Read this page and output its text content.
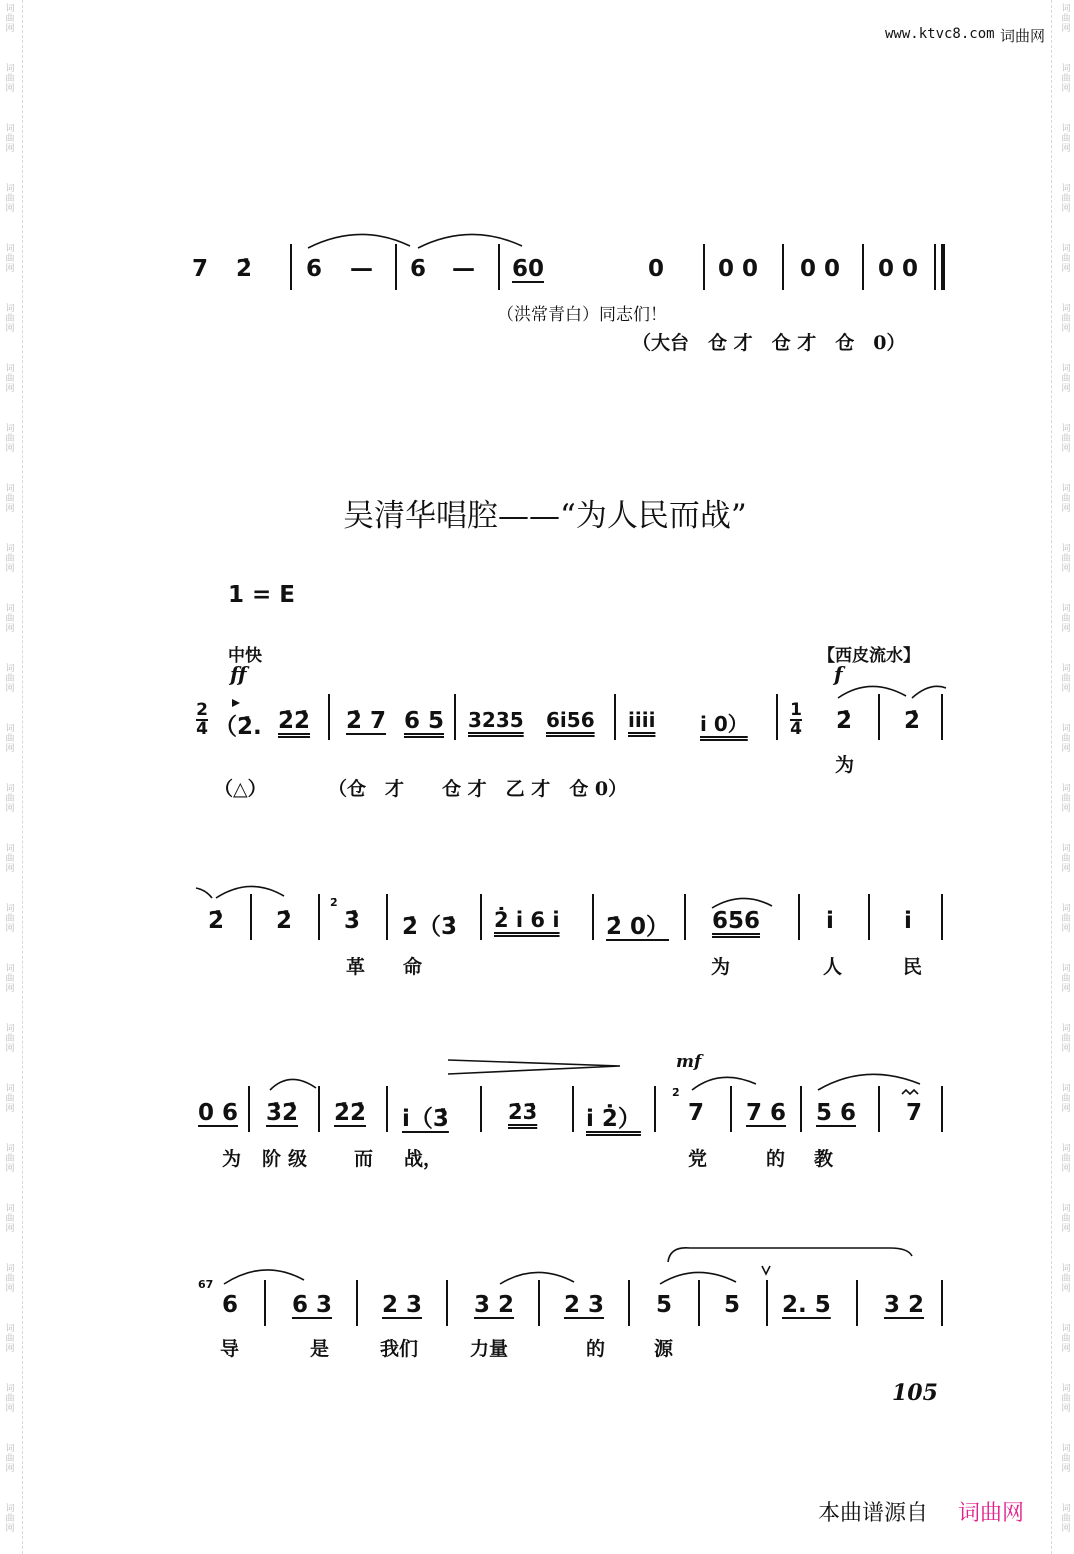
词
曲
网
词
曲
网
词
曲
网
词
曲
网
词
曲
网
词
曲
网
词
曲
网
词
曲
网
词
曲
网
词
曲
网
词
曲
网
词
曲
网
词
曲
网
词
曲
网
词
曲
网
词
曲
网
词
曲
网
词
曲
网
词
曲
网
词
曲
网
词
曲
网
词
曲
网
词
曲
网
词
曲
网
词
曲
网
词
曲
网
词
曲
网
词
曲
网
词
曲
网
词
曲
网
词
曲
网
词
曲
网
词
曲
网
词
曲
网
词
曲
网
词
曲
网
词
曲
网
词
曲
网
词
曲
网
词
曲
网
词
曲
网
词
曲
网
词
曲
网
词
曲
网
词
曲
网
词
曲
网
词
曲
网
词
曲
网
词
曲
网
词
曲
网
词
曲
网
词
曲
网
www.ktvc8.com 词曲网
7 2̇ 6 — 6 — 60	0 0 0 0 0 0 0
（洪常青白）同志们！
（大台　仓 才　仓 才　仓　0）
吴清华唱腔——“为人民而战”
1 = E
中快
ff
【西皮流水】
f
$\frac{2}{4}$ （2̇. 2̇2̇ 2̇ 7 6 5 3235 6i56 iiii i $0) \frac{1}{4}$ 2̇ 2̇
为
（△）	（仓　才　　仓 才　乙 才　仓 0）
2̇ 2̇
2̇
3̇ 2̇（3̇ 2̇ i 6 i 2̇ 0） 656	i	i
革 命	为	人	民
mf
0 6 3̇2̇ 2̇2̇ i（3̇	2̇3̇ i 2̇）
2̇
7 7 6 5 6 7
为 阶 级 而 战，	党	的 教
67
6 6 3 2 3 3 2 2 3 5 5 2. 5 3 2
导	是	我们	力量	的	源
105
本曲谱源自 词曲网
